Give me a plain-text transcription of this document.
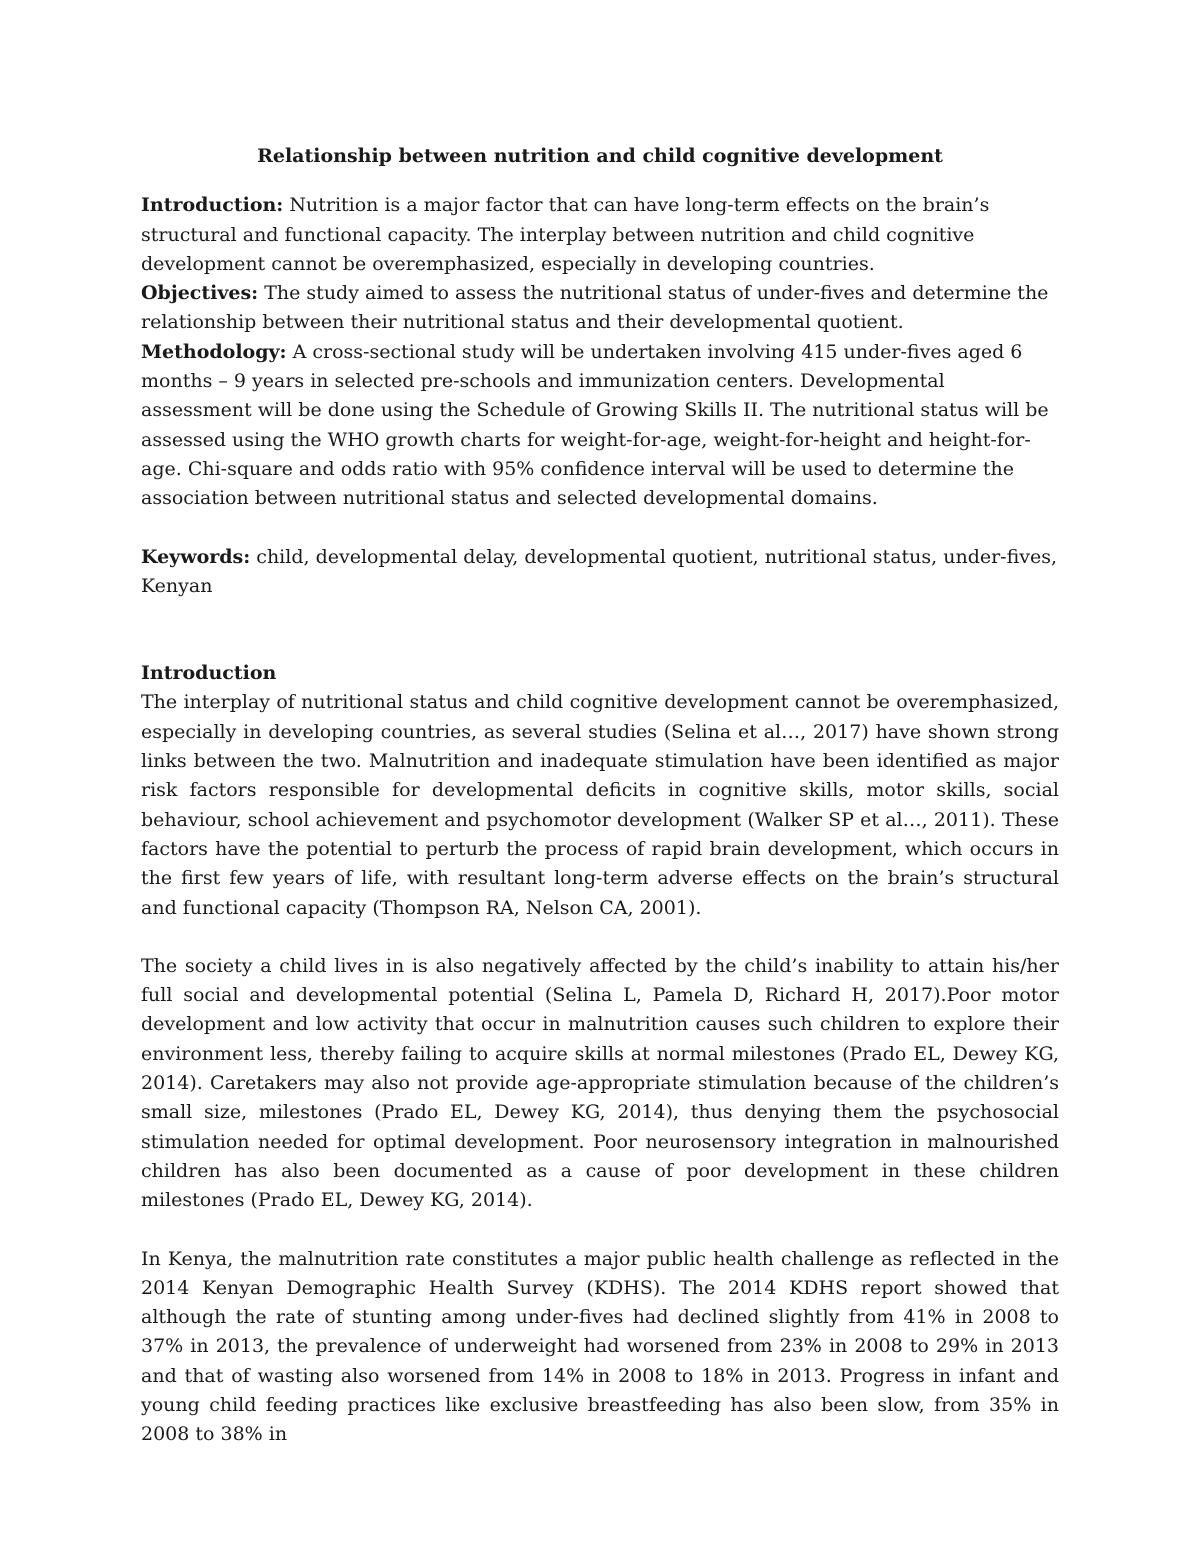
Relationship between nutrition and child cognitive development

Introduction: Nutrition is a major factor that can have long-term effects on the brain’s structural and functional capacity. The interplay between nutrition and child cognitive development cannot be overemphasized, especially in developing countries.

Objectives: The study aimed to assess the nutritional status of under-fives and determine the relationship between their nutritional status and their developmental quotient.

Methodology: A cross-sectional study will be undertaken involving 415 under-fives aged 6 months – 9 years in selected pre-schools and immunization centers. Developmental assessment will be done using the Schedule of Growing Skills II. The nutritional status will be assessed using the WHO growth charts for weight-for-age, weight-for-height and height-for-age. Chi-square and odds ratio with 95% confidence interval will be used to determine the association between nutritional status and selected developmental domains.

Keywords: child, developmental delay, developmental quotient, nutritional status, under-fives, Kenyan

Introduction

The interplay of nutritional status and child cognitive development cannot be overemphasized, especially in developing countries, as several studies (Selina et al…, 2017) have shown strong links between the two. Malnutrition and inadequate stimulation have been identified as major risk factors responsible for developmental deficits in cognitive skills, motor skills, social behaviour, school achievement and psychomotor development (Walker SP et al…, 2011). These factors have the potential to perturb the process of rapid brain development, which occurs in the first few years of life, with resultant long-term adverse effects on the brain’s structural and functional capacity (Thompson RA, Nelson CA, 2001).

The society a child lives in is also negatively affected by the child’s inability to attain his/her full social and developmental potential (Selina L, Pamela D, Richard H, 2017).Poor motor development and low activity that occur in malnutrition causes such children to explore their environment less, thereby failing to acquire skills at normal milestones (Prado EL, Dewey KG, 2014). Caretakers may also not provide age-appropriate stimulation because of the children’s small size, milestones (Prado EL, Dewey KG, 2014), thus denying them the psychosocial stimulation needed for optimal development. Poor neurosensory integration in malnourished children has also been documented as a cause of poor development in these children milestones (Prado EL, Dewey KG, 2014).

In Kenya, the malnutrition rate constitutes a major public health challenge as reflected in the 2014 Kenyan Demographic Health Survey (KDHS). The 2014 KDHS report showed that although the rate of stunting among under-fives had declined slightly from 41% in 2008 to 37% in 2013, the prevalence of underweight had worsened from 23% in 2008 to 29% in 2013 and that of wasting also worsened from 14% in 2008 to 18% in 2013. Progress in infant and young child feeding practices like exclusive breastfeeding has also been slow, from 35% in 2008 to 38% in
